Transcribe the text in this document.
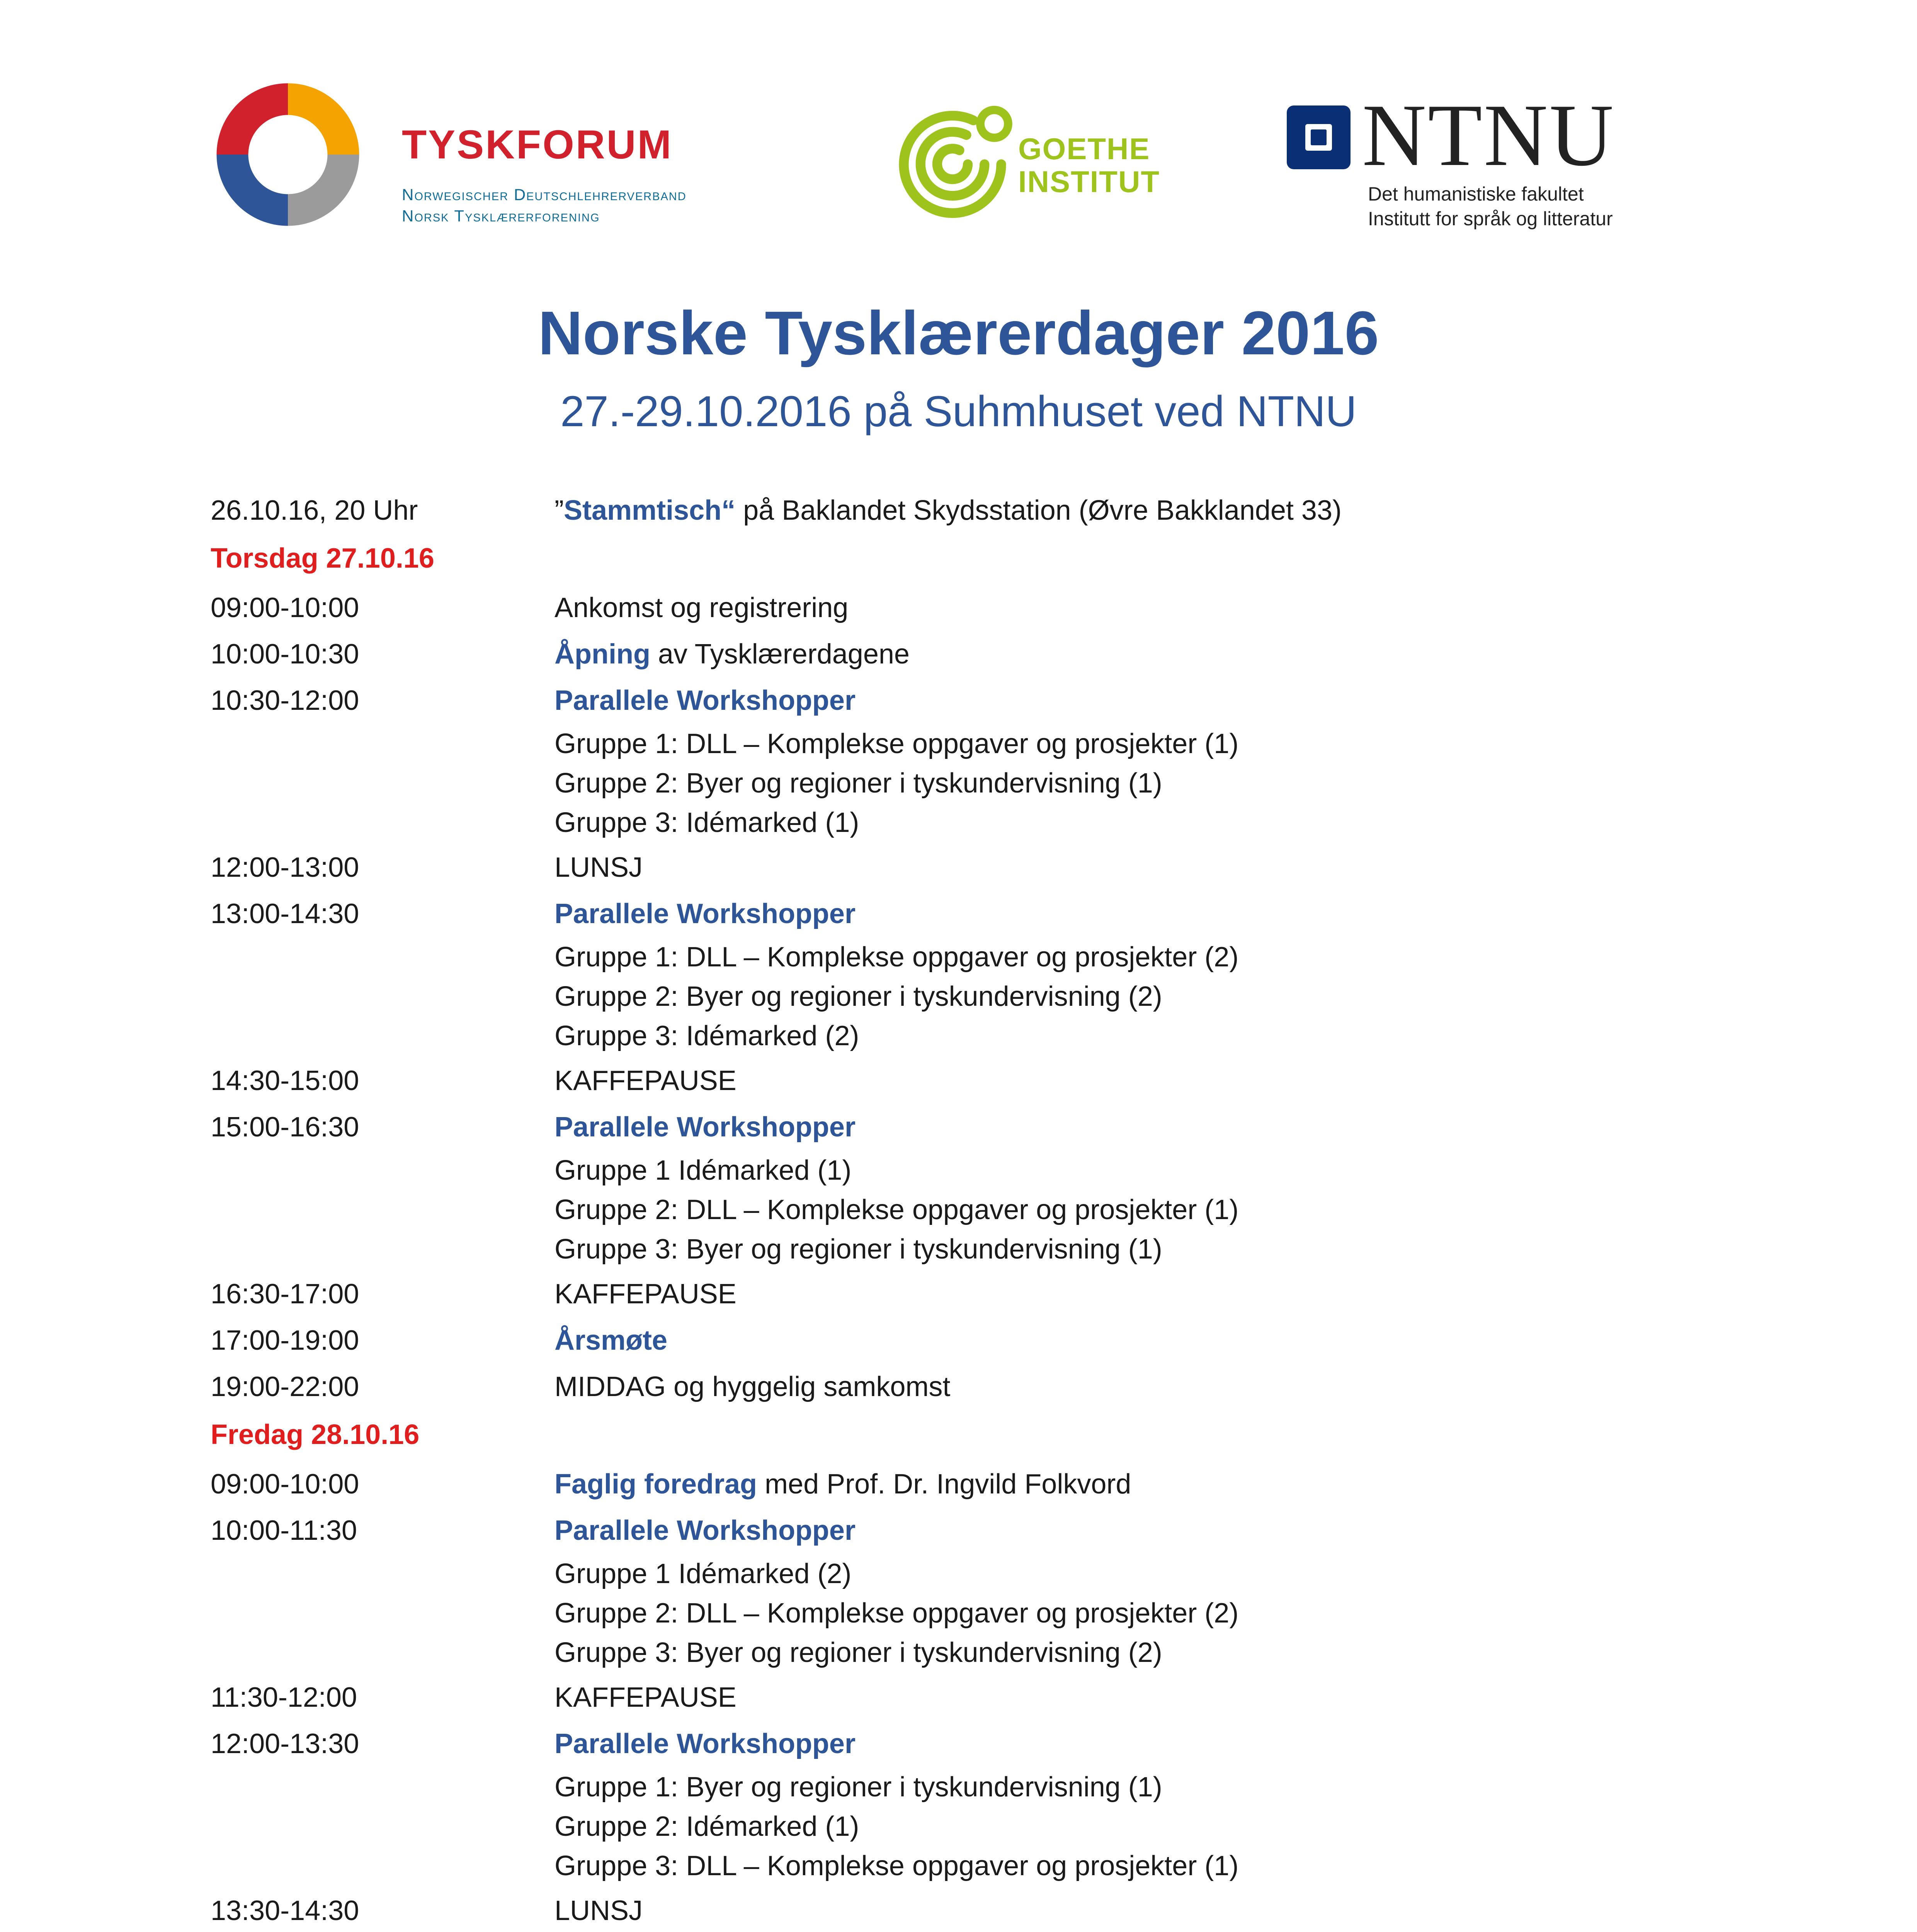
TYSKFORUM
Norwegischer Deutschlehrerverband
Norsk Tysklærerforening
GOETHE
INSTITUT NTNU
Det humanistiske fakultet
Institutt for språk og litteratur
Norske Tysklærerdager 2016
27.-29.10.2016 på Suhmhuset ved NTNU
26.10.16, 20 Uhr	”Stammtisch“ på Baklandet Skydsstation (Øvre Bakklandet 33)
Torsdag 27.10.16
09:00-10:00	Ankomst og registrering
10:00-10:30	Åpning av Tysklærerdagene
10:30-12:00	Parallele Workshopper
Gruppe 1: DLL – Komplekse oppgaver og prosjekter (1)
Gruppe 2: Byer og regioner i tyskundervisning (1)
Gruppe 3: Idémarked (1)
12:00-13:00	LUNSJ
13:00-14:30	Parallele Workshopper
Gruppe 1: DLL – Komplekse oppgaver og prosjekter (2)
Gruppe 2: Byer og regioner i tyskundervisning (2)
Gruppe 3: Idémarked (2)
14:30-15:00	KAFFEPAUSE
15:00-16:30	Parallele Workshopper
Gruppe 1 Idémarked (1)
Gruppe 2: DLL – Komplekse oppgaver og prosjekter (1)
Gruppe 3: Byer og regioner i tyskundervisning (1)
16:30-17:00	KAFFEPAUSE
17:00-19:00	Årsmøte
19:00-22:00	MIDDAG og hyggelig samkomst
Fredag 28.10.16
09:00-10:00	Faglig foredrag med Prof. Dr. Ingvild Folkvord
10:00-11:30	Parallele Workshopper
Gruppe 1 Idémarked (2)
Gruppe 2: DLL – Komplekse oppgaver og prosjekter (2)
Gruppe 3: Byer og regioner i tyskundervisning (2)
11:30-12:00	KAFFEPAUSE
12:00-13:30	Parallele Workshopper
Gruppe 1: Byer og regioner i tyskundervisning (1)
Gruppe 2: Idémarked (1)
Gruppe 3: DLL – Komplekse oppgaver og prosjekter (1)
13:30-14:30	LUNSJ
